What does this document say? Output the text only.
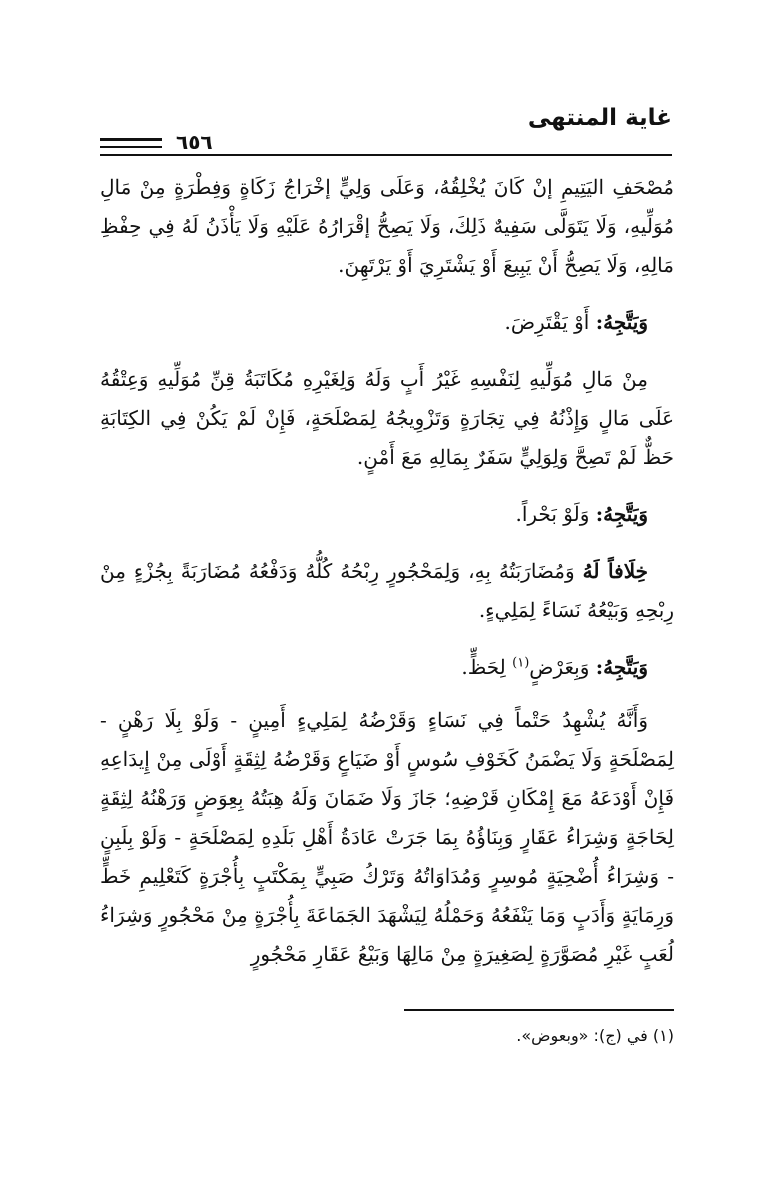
غاية المنتهى
٦٥٦

مُصْحَفِ اليَتِيمِ إنْ كَانَ يُخْلِقُهُ، وَعَلَى وَلِيٍّ إخْرَاجُ زَكَاةٍ وَفِطْرَةٍ مِنْ مَالِ مُوَلِّيهِ، وَلَا يَتَوَلَّى سَفِيهٌ ذَلِكَ، وَلَا يَصِحُّ إقْرَارُهُ عَلَيْهِ وَلَا يَأْذَنُ لَهُ فِي حِفْظِ مَالِهِ، وَلَا يَصِحُّ أَنْ يَبِيعَ أَوْ يَشْتَرِيَ أَوْ يَرْتَهِنَ.

وَيَتَّجِهُ: أَوْ يَقْتَرِضَ.

مِنْ مَالِ مُوَلِّيهِ لِنَفْسِهِ غَيْرُ أَبٍ وَلَهُ وَلِغَيْرِهِ مُكَاتَبَةُ قِنِّ مُوَلِّيهِ وَعِتْقُهُ عَلَى مَالٍ وَإِذْنُهُ فِي تِجَارَةٍ وَتَزْوِيجُهُ لِمَصْلَحَةٍ، فَإِنْ لَمْ يَكُنْ فِي الكِتَابَةِ حَظٌّ لَمْ تَصِحَّ وَلِوَلِيٍّ سَفَرٌ بِمَالِهِ مَعَ أَمْنٍ.

وَيَتَّجِهُ: وَلَوْ بَحْراً.

خِلَافاً لَهُ وَمُضَارَبَتُهُ بِهِ، وَلِمَحْجُورٍ رِبْحُهُ كُلُّهُ وَدَفْعُهُ مُضَارَبَةً بِجُزْءٍ مِنْ رِبْحِهِ وَبَيْعُهُ نَسَاءً لِمَلِيءٍ.

وَيَتَّجِهُ: وَبِعَرْضٍ$^{(١)}$ لِحَظٍّ.

وَأَنَّهُ يُشْهِدُ حَتْماً فِي نَسَاءٍ وَقَرْضُهُ لِمَلِيءٍ أَمِينٍ - وَلَوْ بِلَا رَهْنٍ - لِمَصْلَحَةٍ وَلَا يَضْمَنُ كَخَوْفِ سُوسٍ أَوْ ضَيَاعٍ وَقَرْضُهُ لِثِقَةٍ أَوْلَى مِنْ إِيدَاعِهِ فَإِنْ أَوْدَعَهُ مَعَ إِمْكَانِ قَرْضِهِ؛ جَازَ وَلَا ضَمَانَ وَلَهُ هِبَتُهُ بِعِوَضٍ وَرَهْنُهُ لِثِقَةٍ لِحَاجَةٍ وَشِرَاءُ عَقَارٍ وَبِنَاؤُهُ بِمَا جَرَتْ عَادَةُ أَهْلِ بَلَدِهِ لِمَصْلَحَةٍ - وَلَوْ بِلَبِنٍ - وَشِرَاءُ أُضْحِيَةٍ مُوسِرٍ وَمُدَاوَاتُهُ وَتَرْكُ صَبِيٍّ بِمَكْتَبٍ بِأُجْرَةٍ كَتَعْلِيمِ خَطٍّ وَرِمَايَةٍ وَأَدَبٍ وَمَا يَنْفَعُهُ وَحَمْلُهُ لِيَشْهَدَ الجَمَاعَةَ بِأُجْرَةٍ مِنْ مَحْجُورٍ وَشِرَاءُ لُعَبٍ غَيْرِ مُصَوَّرَةٍ لِصَغِيرَةٍ مِنْ مَالِهَا وَبَيْعُ عَقَارِ مَحْجُورٍ

(١) في (ج): «وبعوض».
